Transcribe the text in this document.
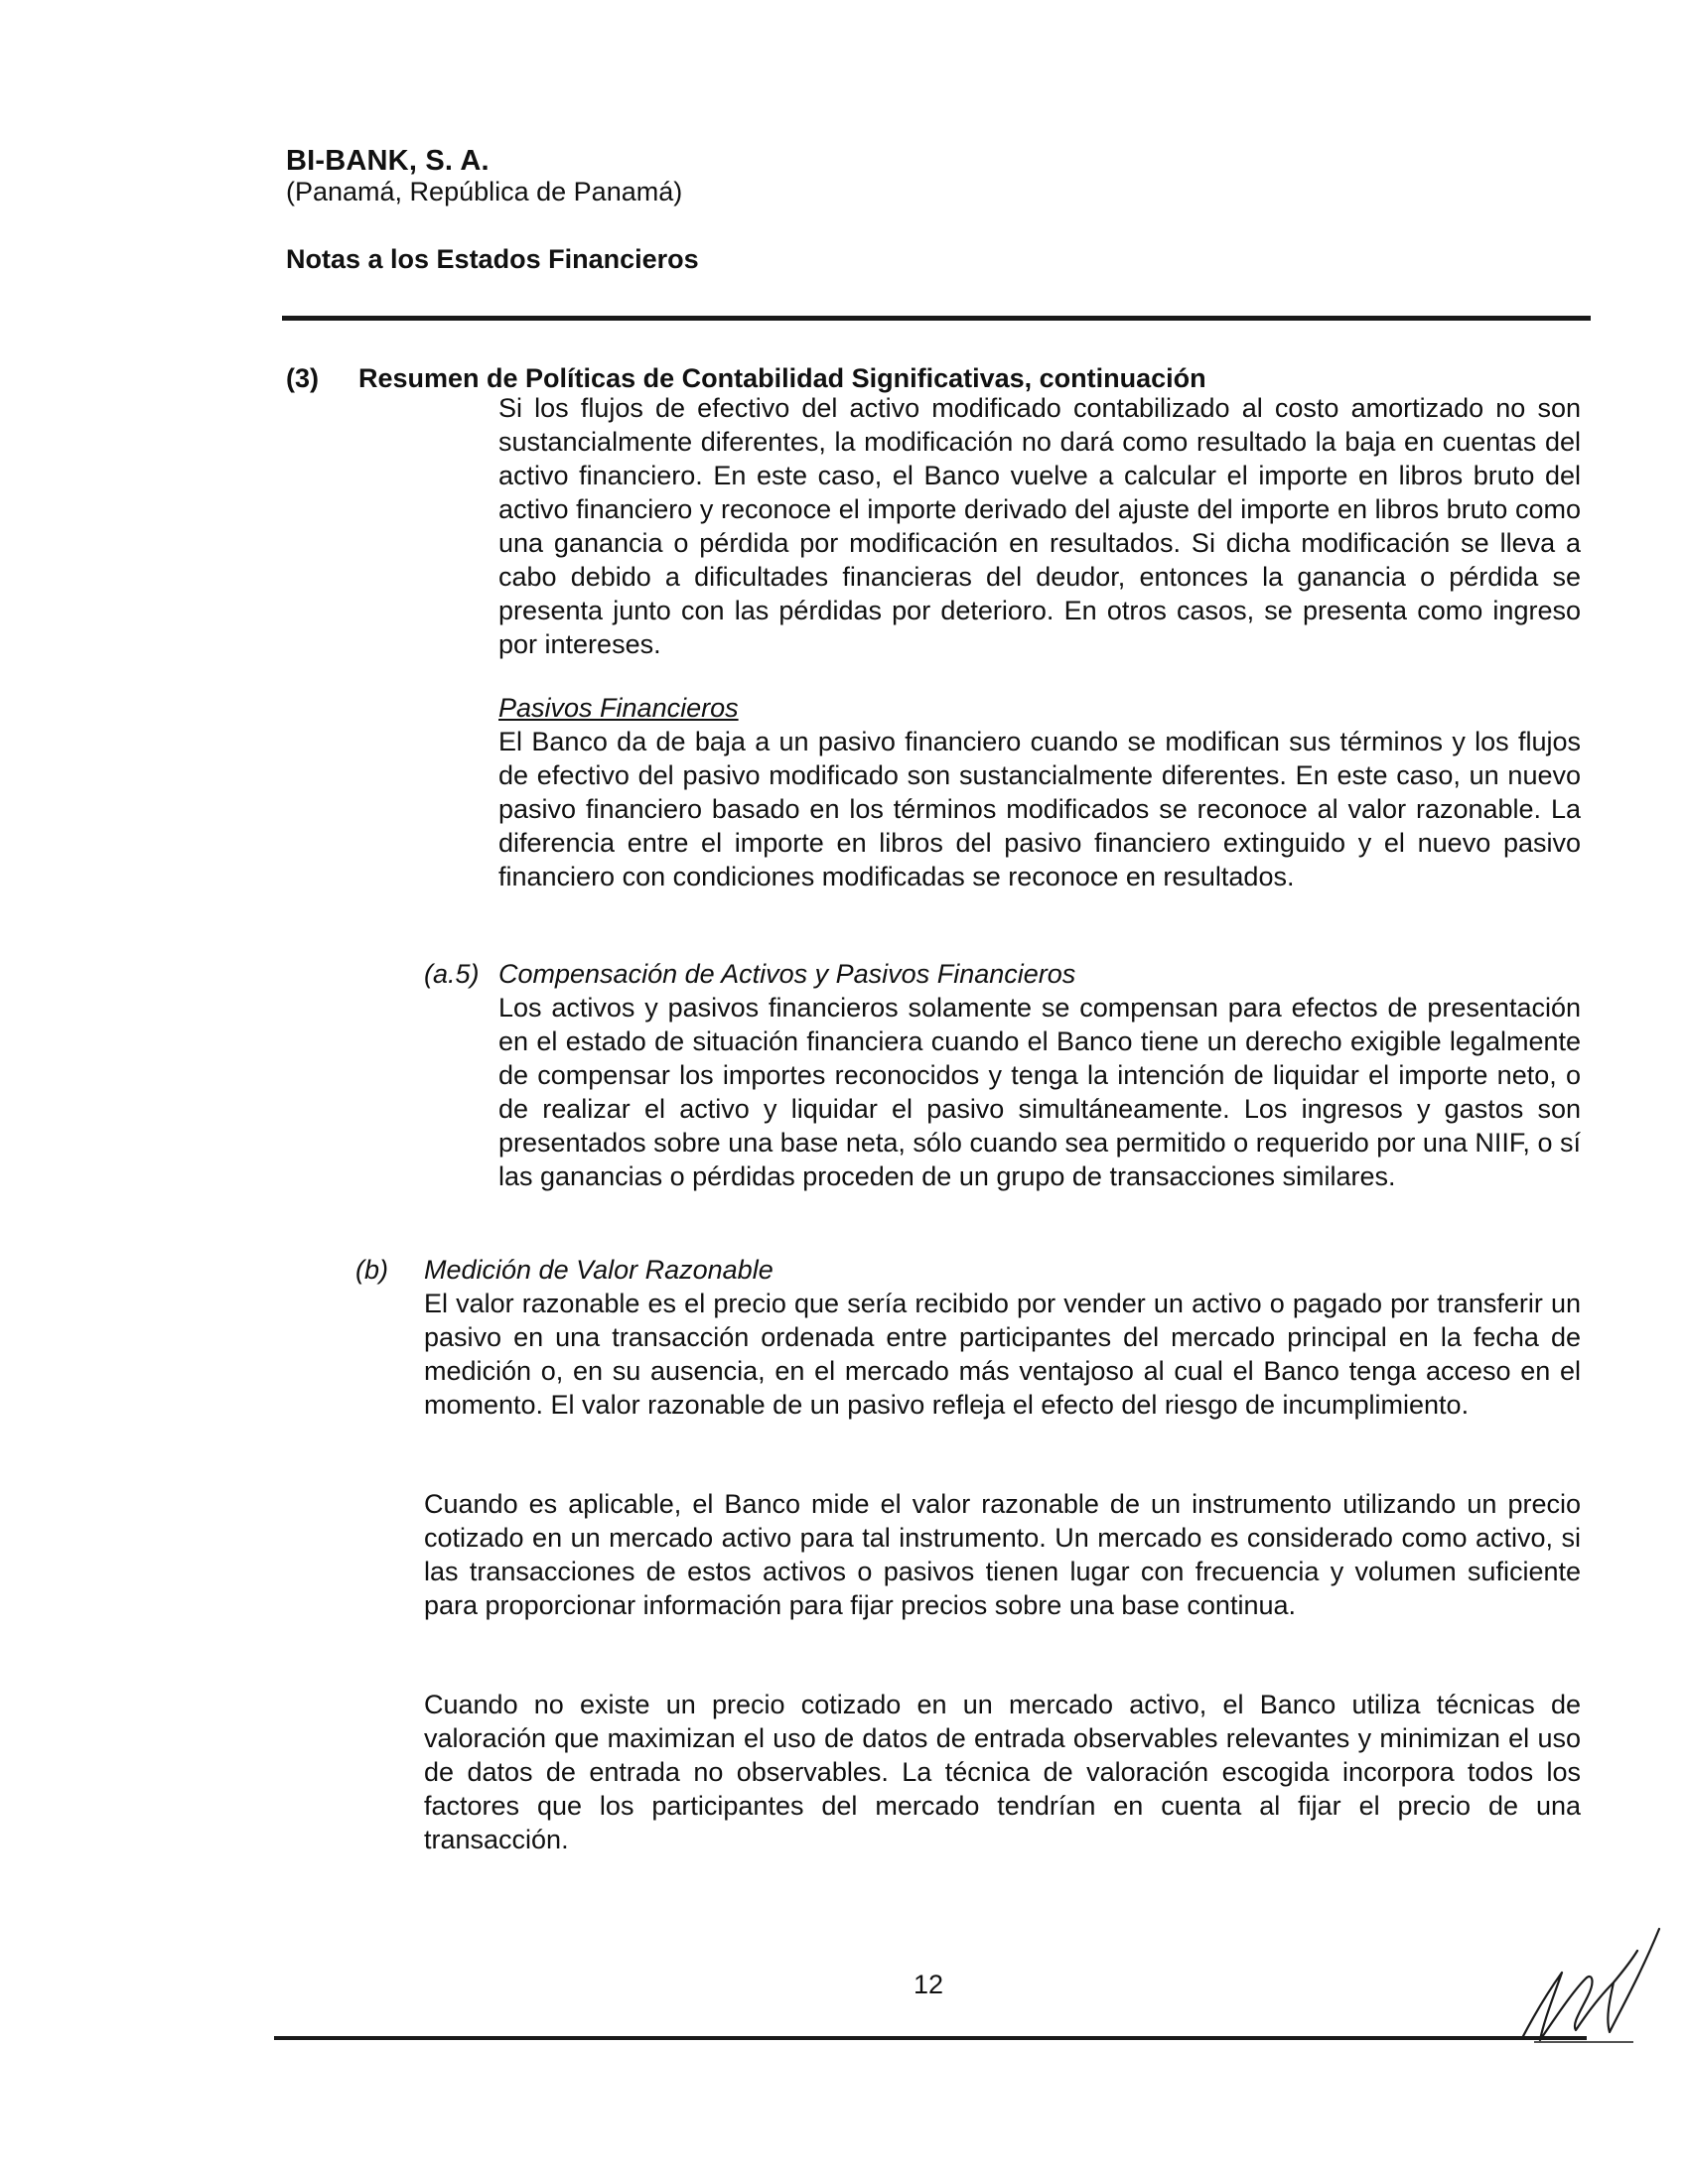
BI-BANK, S. A.
(Panamá, República de Panamá)
Notas a los Estados Financieros
(3) Resumen de Políticas de Contabilidad Significativas, continuación

Si los flujos de efectivo del activo modificado contabilizado al costo amortizado no son sustancialmente diferentes, la modificación no dará como resultado la baja en cuentas del activo financiero. En este caso, el Banco vuelve a calcular el importe en libros bruto del activo financiero y reconoce el importe derivado del ajuste del importe en libros bruto como una ganancia o pérdida por modificación en resultados. Si dicha modificación se lleva a cabo debido a dificultades financieras del deudor, entonces la ganancia o pérdida se presenta junto con las pérdidas por deterioro. En otros casos, se presenta como ingreso por intereses.

Pasivos Financieros

El Banco da de baja a un pasivo financiero cuando se modifican sus términos y los flujos de efectivo del pasivo modificado son sustancialmente diferentes. En este caso, un nuevo pasivo financiero basado en los términos modificados se reconoce al valor razonable. La diferencia entre el importe en libros del pasivo financiero extinguido y el nuevo pasivo financiero con condiciones modificadas se reconoce en resultados.

(a.5) Compensación de Activos y Pasivos Financieros

Los activos y pasivos financieros solamente se compensan para efectos de presentación en el estado de situación financiera cuando el Banco tiene un derecho exigible legalmente de compensar los importes reconocidos y tenga la intención de liquidar el importe neto, o de realizar el activo y liquidar el pasivo simultáneamente. Los ingresos y gastos son presentados sobre una base neta, sólo cuando sea permitido o requerido por una NIIF, o sí las ganancias o pérdidas proceden de un grupo de transacciones similares.

(b) Medición de Valor Razonable

El valor razonable es el precio que sería recibido por vender un activo o pagado por transferir un pasivo en una transacción ordenada entre participantes del mercado principal en la fecha de medición o, en su ausencia, en el mercado más ventajoso al cual el Banco tenga acceso en el momento. El valor razonable de un pasivo refleja el efecto del riesgo de incumplimiento.

Cuando es aplicable, el Banco mide el valor razonable de un instrumento utilizando un precio cotizado en un mercado activo para tal instrumento. Un mercado es considerado como activo, si las transacciones de estos activos o pasivos tienen lugar con frecuencia y volumen suficiente para proporcionar información para fijar precios sobre una base continua.

Cuando no existe un precio cotizado en un mercado activo, el Banco utiliza técnicas de valoración que maximizan el uso de datos de entrada observables relevantes y minimizan el uso de datos de entrada no observables. La técnica de valoración escogida incorpora todos los factores que los participantes del mercado tendrían en cuenta al fijar el precio de una transacción.

12
